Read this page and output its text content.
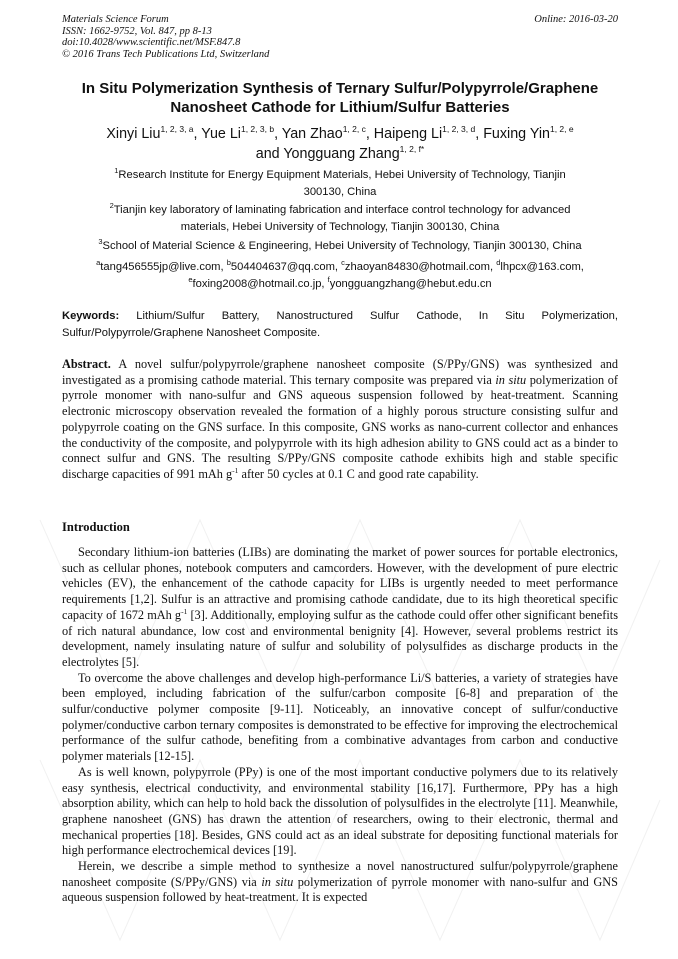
Materials Science Forum
ISSN: 1662-9752, Vol. 847, pp 8-13
doi:10.4028/www.scientific.net/MSF.847.8
© 2016 Trans Tech Publications Ltd, Switzerland
Online: 2016-03-20
In Situ Polymerization Synthesis of Ternary Sulfur/Polypyrrole/Graphene
Nanosheet Cathode for Lithium/Sulfur Batteries
Xinyi Liu$^{1, 2, 3, a}$, Yue Li$^{1, 2, 3, b}$, Yan Zhao$^{1, 2, c}$, Haipeng Li$^{1, 2, 3, d}$, Fuxing Yin$^{1, 2, e}$
and Yongguang Zhang$^{1, 2, f*}$
$^1$Research Institute for Energy Equipment Materials, Hebei University of Technology, Tianjin
300130, China
$^2$Tianjin key laboratory of laminating fabrication and interface control technology for advanced
materials, Hebei University of Technology, Tianjin 300130, China
$^3$School of Material Science & Engineering, Hebei University of Technology, Tianjin 300130, China
$^a$tang456555jp@live.com, $^b$504404637@qq.com, $^c$zhaoyan84830@hotmail.com, $^d$lhpcx@163.com,
$^e$foxing2008@hotmail.co.jp, $^f$yongguangzhang@hebut.edu.cn
Keywords: Lithium/Sulfur Battery, Nanostructured Sulfur Cathode, In Situ Polymerization, Sulfur/Polypyrrole/Graphene Nanosheet Composite.
Abstract. A novel sulfur/polypyrrole/graphene nanosheet composite (S/PPy/GNS) was synthesized and investigated as a promising cathode material. This ternary composite was prepared via in situ polymerization of pyrrole monomer with nano-sulfur and GNS aqueous suspension followed by heat-treatment. Scanning electronic microscopy observation revealed the formation of a highly porous structure consisting sulfur and polypyrrole coating on the GNS surface. In this composite, GNS works as nano-current collector and enhances the conductivity of the composite, and polypyrrole with its high adhesion ability to GNS could act as a binder to connect sulfur and GNS. The resulting S/PPy/GNS composite cathode exhibits high and stable specific discharge capacities of 991 mAh $g^{-1}$ after 50 cycles at 0.1 C and good rate capability.
Introduction

Secondary lithium-ion batteries (LIBs) are dominating the market of power sources for portable electronics, such as cellular phones, notebook computers and camcorders. However, with the development of pure electric vehicles (EV), the enhancement of the cathode capacity for LIBs is urgently needed to meet performance requirements [1,2]. Sulfur is an attractive and promising cathode candidate, due to its high theoretical specific capacity of 1672 mAh $g^{-1}$ [3]. Additionally, employing sulfur as the cathode could offer other significant benefits of rich natural abundance, low cost and environmental benignity [4]. However, several problems restrict its development, namely insulating nature of sulfur and solubility of polysulfides as discharge products in the electrolytes [5].

To overcome the above challenges and develop high-performance Li/S batteries, a variety of strategies have been employed, including fabrication of the sulfur/carbon composite [6-8] and preparation of the sulfur/conductive polymer composite [9-11]. Noticeably, an innovative concept of sulfur/conductive polymer/conductive carbon ternary composites is demonstrated to be effective for improving the electrochemical performance of the sulfur cathode, benefiting from a combinative advantages from carbon and conductive polymer materials [12-15].

As is well known, polypyrrole (PPy) is one of the most important conductive polymers due to its relatively easy synthesis, electrical conductivity, and environmental stability [16,17]. Furthermore, PPy has a high absorption ability, which can help to hold back the dissolution of polysulfides in the electrolyte [11]. Meanwhile, graphene nanosheet (GNS) has drawn the attention of researchers, owing to their electronic, thermal and mechanical properties [18]. Besides, GNS could act as an ideal substrate for depositing functional materials for high performance electrochemical devices [19].

Herein, we describe a simple method to synthesize a novel nanostructured sulfur/polypyrrole/graphene nanosheet composite (S/PPy/GNS) via in situ polymerization of pyrrole monomer with nano-sulfur and GNS aqueous suspension followed by heat-treatment. It is expected
